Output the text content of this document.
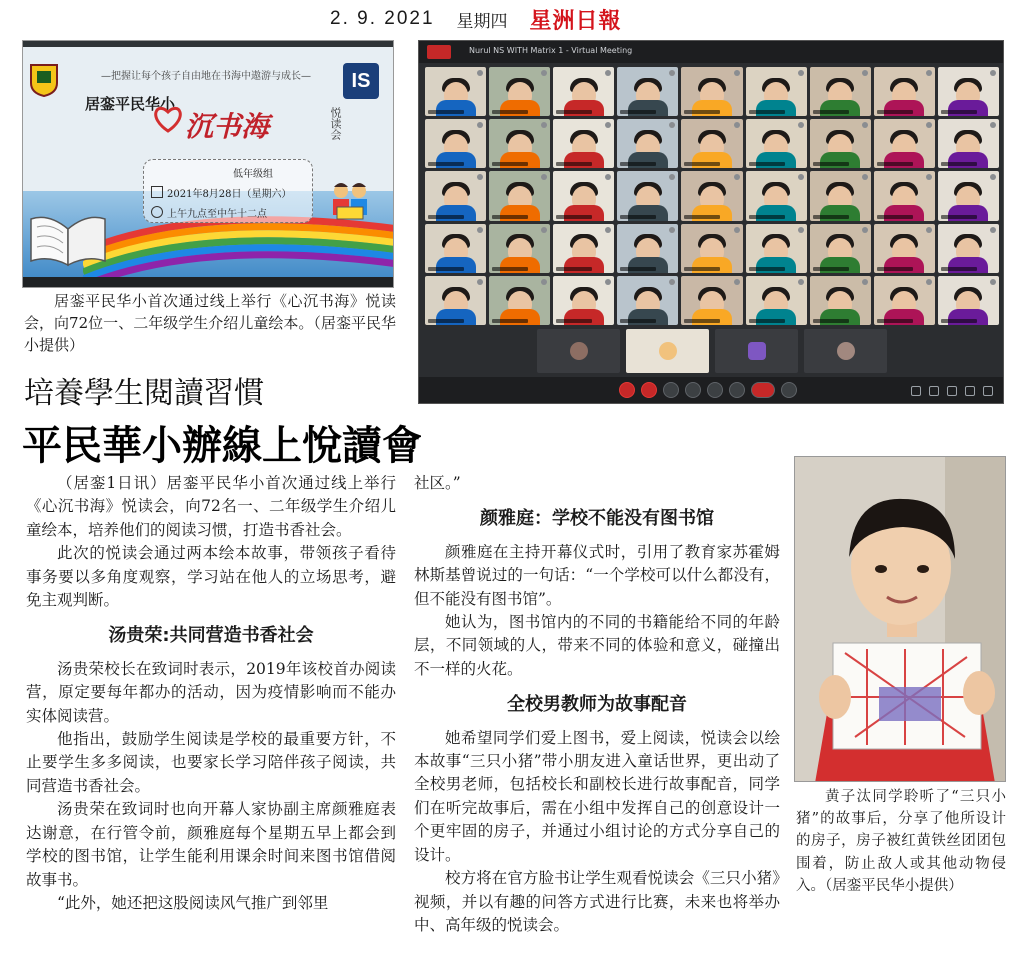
2. 9. 2021 星期四 星洲日報
IS
—把握让每个孩子自由地在书海中遨游与成长—
居銮平民华小
沉书海	悦读会
低年级组
2021年8月28日（星期六）
上午九点至中午十二点

居銮平民华小首次通过线上举行《心沉书海》悦读会，向72位一、二年级学生介绍儿童绘本。（居銮平民华小提供）

Nurul NS WITH Matrix 1 - Virtual Meeting
培養學生閱讀習慣
平民華小辦線上悅讀會

（居銮1日讯）居銮平民华小首次通过线上举行《心沉书海》悦读会，向72名一、二年级学生介绍儿童绘本，培养他们的阅读习惯，打造书香社会。

此次的悦读会通过两本绘本故事，带领孩子看待事务要以多角度观察，学习站在他人的立场思考，避免主观判断。

汤贵荣:共同营造书香社会

汤贵荣校长在致词时表示，2019年该校首办阅读营，原定要每年都办的活动，因为疫情影响而不能办实体阅读营。

他指出，鼓励学生阅读是学校的最重要方针，不止要学生多多阅读，也要家长学习陪伴孩子阅读，共同营造书香社会。

汤贵荣在致词时也向开幕人家协副主席颜雅庭表达谢意，在行管令前，颜雅庭每个星期五早上都会到学校的图书馆，让学生能利用课余时间来图书馆借阅故事书。

“此外，她还把这股阅读风气推广到邻里

社区。”

颜雅庭：学校不能没有图书馆

颜雅庭在主持开幕仪式时，引用了教育家苏霍姆林斯基曾说过的一句话：“一个学校可以什么都没有，但不能没有图书馆”。

她认为，图书馆内的不同的书籍能给不同的年龄层，不同领域的人，带来不同的体验和意义，碰撞出不一样的火花。

全校男教师为故事配音

她希望同学们爱上图书，爱上阅读，悦读会以绘本故事“三只小猪”带小朋友进入童话世界，更出动了全校男老师，包括校长和副校长进行故事配音，同学们在听完故事后，需在小组中发挥自己的创意设计一个更牢固的房子，并通过小组讨论的方式分享自己的设计。

校方将在官方脸书让学生观看悦读会《三只小猪》视频，并以有趣的问答方式进行比赛，未来也将举办中、高年级的悦读会。

黄子汰同学聆听了“三只小猪”的故事后，分享了他所设计的房子，房子被红黄铁丝团团包围着，防止敌人或其他动物侵入。（居銮平民华小提供）
